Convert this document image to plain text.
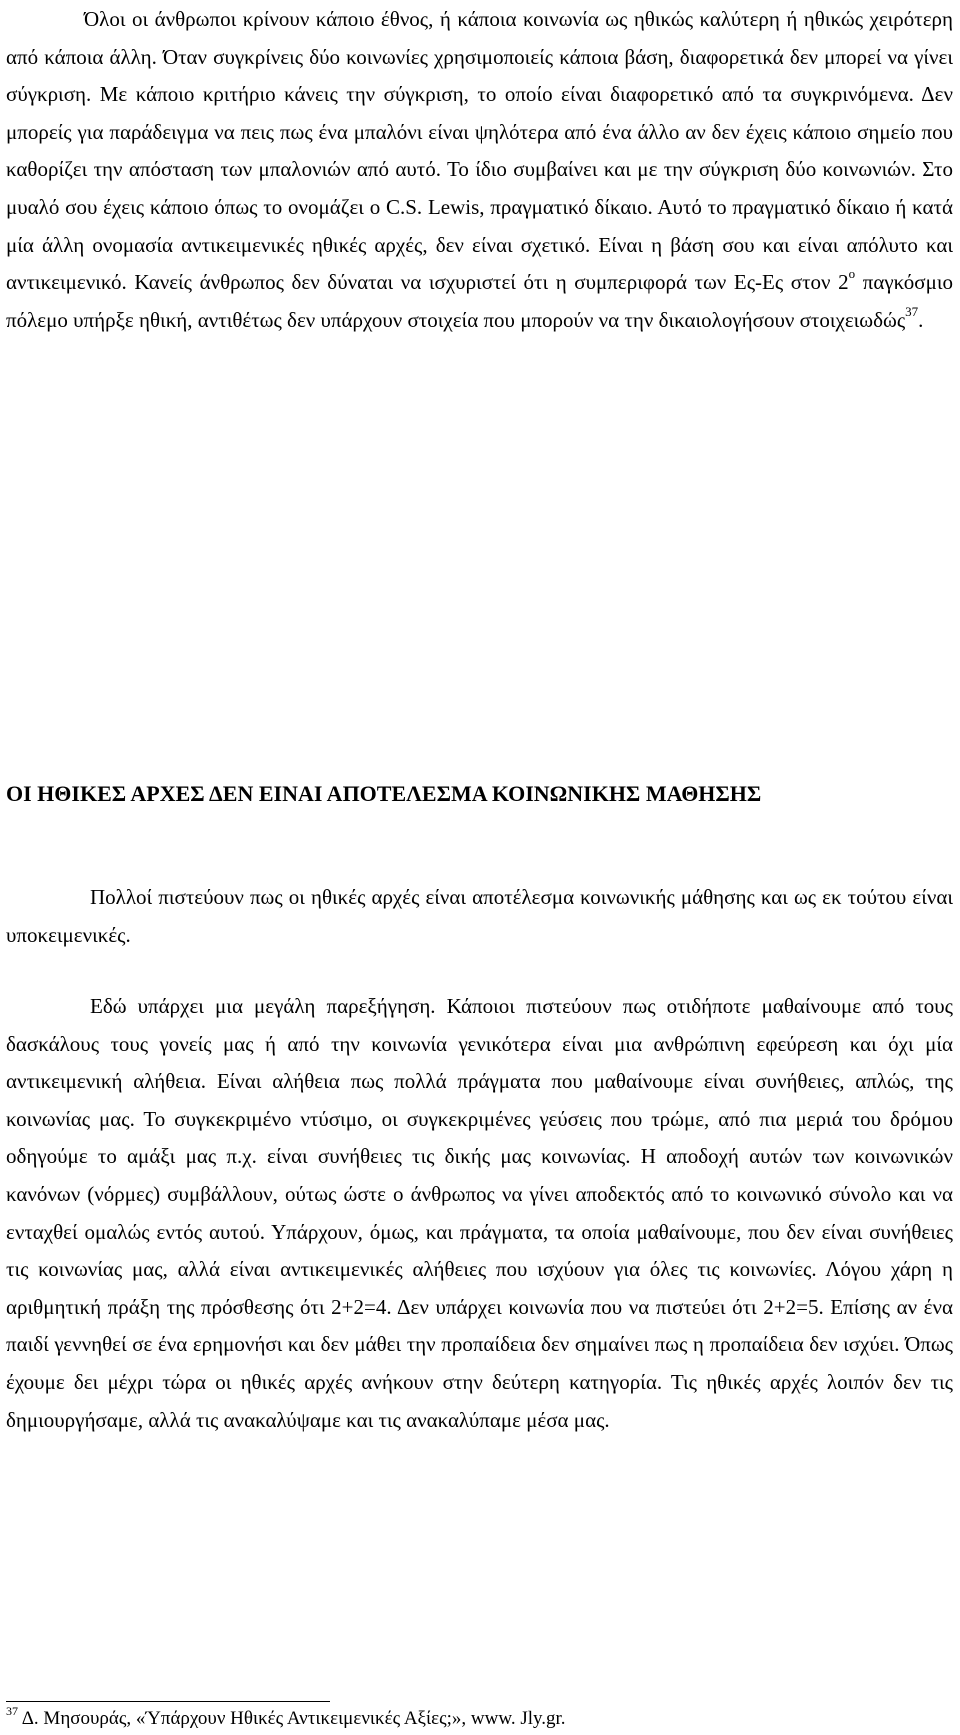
Όλοι οι άνθρωποι κρίνουν κάποιο έθνος, ή κάποια κοινωνία ως ηθικώς καλύτερη ή ηθικώς χειρότερη από κάποια άλλη. Όταν συγκρίνεις δύο κοινωνίες χρησιμοποιείς κάποια βάση, διαφορετικά δεν μπορεί να γίνει σύγκριση. Με κάποιο κριτήριο κάνεις την σύγκριση, το οποίο είναι διαφορετικό από τα συγκρινόμενα. Δεν μπορείς για παράδειγμα να πεις πως ένα μπαλόνι είναι ψηλότερα από ένα άλλο αν δεν έχεις κάποιο σημείο που καθορίζει την απόσταση των μπαλονιών από αυτό. Το ίδιο συμβαίνει και με την σύγκριση δύο κοινωνιών. Στο μυαλό σου έχεις κάποιο όπως το ονομάζει ο C.S. Lewis, πραγματικό δίκαιο. Αυτό το πραγματικό δίκαιο ή κατά μία άλλη ονομασία αντικειμενικές ηθικές αρχές, δεν είναι σχετικό. Είναι η βάση σου και είναι απόλυτο και αντικειμενικό. Κανείς άνθρωπος δεν δύναται να ισχυριστεί ότι η συμπεριφορά των Ες-Ες στον $2^o$ παγκόσμιο πόλεμο υπήρξε ηθική, αντιθέτως δεν υπάρχουν στοιχεία που μπορούν να την δικαιολογήσουν στοιχειωδώς$^{37}$.

ΟΙ ΗΘΙΚΕΣ ΑΡΧΕΣ ΔΕΝ ΕΙΝΑΙ ΑΠΟΤΕΛΕΣΜΑ ΚΟΙΝΩΝΙΚΗΣ ΜΑΘΗΣΗΣ

Πολλοί πιστεύουν πως οι ηθικές αρχές είναι αποτέλεσμα κοινωνικής μάθησης και ως εκ τούτου είναι υποκειμενικές.

Εδώ υπάρχει μια μεγάλη παρεξήγηση. Κάποιοι πιστεύουν πως οτιδήποτε μαθαίνουμε από τους δασκάλους τους γονείς μας ή από την κοινωνία γενικότερα είναι μια ανθρώπινη εφεύρεση και όχι μία αντικειμενική αλήθεια. Είναι αλήθεια πως πολλά πράγματα που μαθαίνουμε είναι συνήθειες, απλώς, της κοινωνίας μας. Το συγκεκριμένο ντύσιμο, οι συγκεκριμένες γεύσεις που τρώμε, από πια μεριά του δρόμου οδηγούμε το αμάξι μας π.χ. είναι συνήθειες τις δικής μας κοινωνίας. Η αποδοχή αυτών των κοινωνικών κανόνων (νόρμες) συμβάλλουν, ούτως ώστε ο άνθρωπος να γίνει αποδεκτός από το κοινωνικό σύνολο και να ενταχθεί ομαλώς εντός αυτού. Υπάρχουν, όμως, και πράγματα, τα οποία μαθαίνουμε, που δεν είναι συνήθειες τις κοινωνίας μας, αλλά είναι αντικειμενικές αλήθειες που ισχύουν για όλες τις κοινωνίες. Λόγου χάρη η αριθμητική πράξη της πρόσθεσης ότι 2+2=4. Δεν υπάρχει κοινωνία που να πιστεύει ότι 2+2=5. Επίσης αν ένα παιδί γεννηθεί σε ένα ερημονήσι και δεν μάθει την προπαίδεια δεν σημαίνει πως η προπαίδεια δεν ισχύει. Όπως έχουμε δει μέχρι τώρα οι ηθικές αρχές ανήκουν στην δεύτερη κατηγορία. Τις ηθικές αρχές λοιπόν δεν τις δημιουργήσαμε, αλλά τις ανακαλύψαμε και τις ανακαλύπαμε μέσα μας.

$^{37}$ Δ. Μησουράς, «Ύπάρχουν Ηθικές Αντικειμενικές Αξίες;», www. Jly.gr.
